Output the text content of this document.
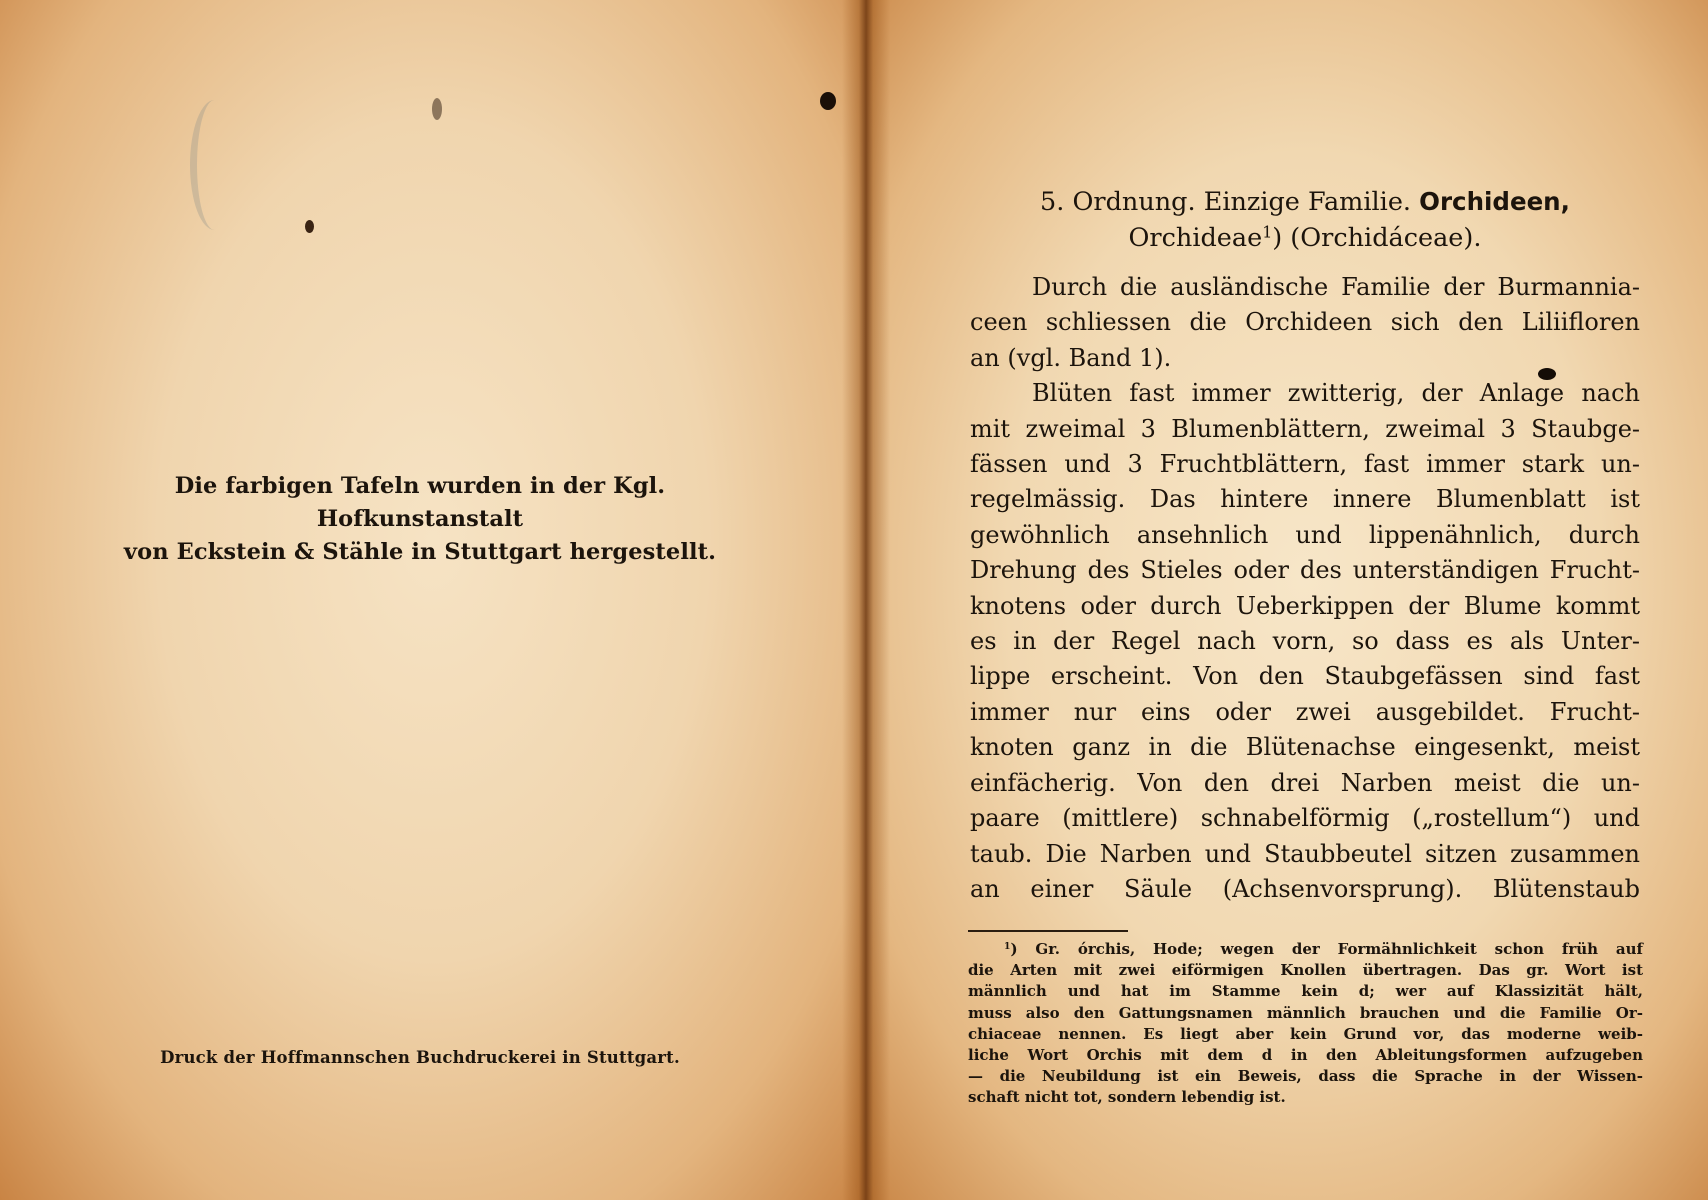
Die farbigen Tafeln wurden in der Kgl. Hofkunstanstalt
von Eckstein & Stähle in Stuttgart hergestellt.
Druck der Hoffmannschen Buchdruckerei in Stuttgart.
5. Ordnung. Einzige Familie. Orchideen,
Orchideae$^1$) (Orchidáceae).

Durch die ausländische Familie der Burmannia-
ceen schliessen die Orchideen sich den Liliifloren
an (vgl. Band 1).

Blüten fast immer zwitterig, der Anlage nach
mit zweimal 3 Blumenblättern, zweimal 3 Staubge-
fässen und 3 Fruchtblättern, fast immer stark un-
regelmässig. Das hintere innere Blumenblatt ist
gewöhnlich ansehnlich und lippenähnlich, durch
Drehung des Stieles oder des unterständigen Frucht-
knotens oder durch Ueberkippen der Blume kommt
es in der Regel nach vorn, so dass es als Unter-
lippe erscheint. Von den Staubgefässen sind fast
immer nur eins oder zwei ausgebildet. Frucht-
knoten ganz in die Blütenachse eingesenkt, meist
einfächerig. Von den drei Narben meist die un-
paare (mittlere) schnabelförmig („rostellum“) und
taub. Die Narben und Staubbeutel sitzen zusammen
an einer Säule (Achsenvorsprung). Blütenstaub

$^1$) Gr. órchis, Hode; wegen der Formähnlichkeit schon früh auf
die Arten mit zwei eiförmigen Knollen übertragen. Das gr. Wort ist
männlich und hat im Stamme kein d; wer auf Klassizität hält,
muss also den Gattungsnamen männlich brauchen und die Familie Or-
chiaceae nennen. Es liegt aber kein Grund vor, das moderne weib-
liche Wort Orchis mit dem d in den Ableitungsformen aufzugeben
— die Neubildung ist ein Beweis, dass die Sprache in der Wissen-
schaft nicht tot, sondern lebendig ist.
